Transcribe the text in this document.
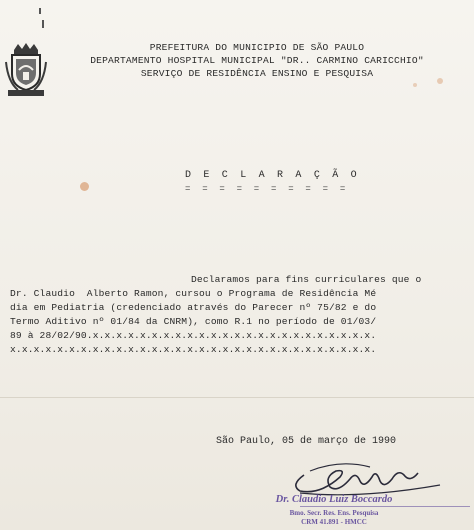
PREFEITURA DO MUNICIPIO DE SÃO PAULO
DEPARTAMENTO HOSPITAL MUNICIPAL "DR.. CARMINO CARICCHIO"
SERVIÇO DE RESIDÊNCIA ENSINO E PESQUISA
D E C L A R A Ç Ã O
= = = = = = = = = =
Declaramos para fins curriculares que o
Dr. Claudio  Alberto Ramon, cursou o Programa de Residência Mé
dia em Pediatria (credenciado através do Parecer nº 75/82 e do
Termo Aditivo nº 01/84 da CNRM), como R.1 no período de 01/03/
89 à 28/02/90.x.x.x.x.x.x.x.x.x.x.x.x.x.x.x.x.x.x.x.x.x.x.x.x.
x.x.x.x.x.x.x.x.x.x.x.x.x.x.x.x.x.x.x.x.x.x.x.x.x.x.x.x.x.x.x.
São Paulo, 05 de março de 1990
Dr. Claudio Luiz Boccardo
Bmo. Secr. Res. Ens. Pesquisa
CRM 41.891 - HMCC
